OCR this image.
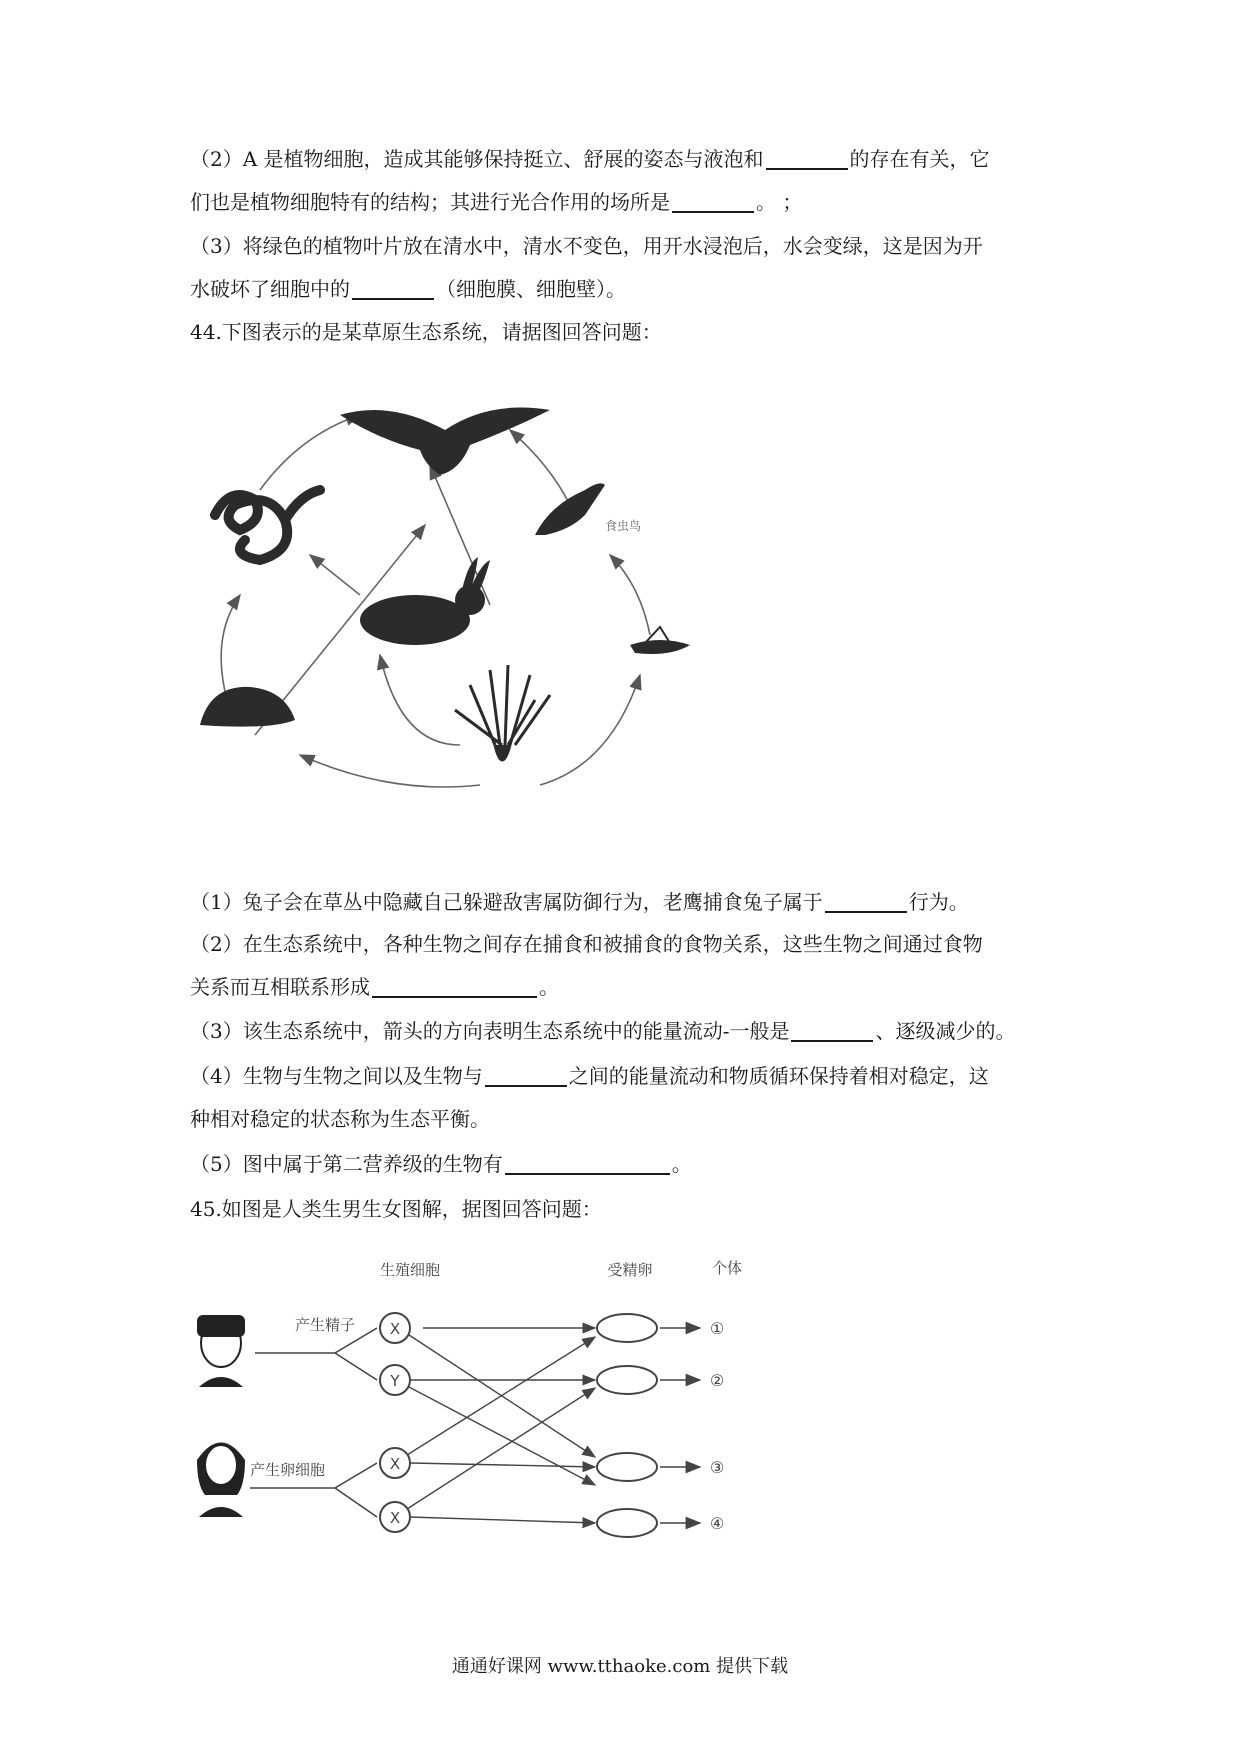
（2）A 是植物细胞，造成其能够保持挺立、舒展的姿态与液泡和	的存在有关，它
们也是植物细胞特有的结构；其进行光合作用的场所是	。 ；
（3）将绿色的植物叶片放在清水中，清水不变色，用开水浸泡后，水会变绿，这是因为开
水破坏了细胞中的	（细胞膜、细胞壁）。
44.下图表示的是某草原生态系统，请据图回答问题：
食虫鸟
（1）兔子会在草丛中隐藏自己躲避敌害属防御行为，老鹰捕食兔子属于	行为。
（2）在生态系统中，各种生物之间存在捕食和被捕食的食物关系，这些生物之间通过食物
关系而互相联系形成	。
（3）该生态系统中，箭头的方向表明生态系统中的能量流动-一般是	、逐级减少的。
（4）生物与生物之间以及生物与	之间的能量流动和物质循环保持着相对稳定，这
种相对稳定的状态称为生态平衡。
（5）图中属于第二营养级的生物有	。
45.如图是人类生男生女图解，据图回答问题：
生殖细胞	受精卵	个体
产生精子
产生卵细胞
X
Y
X
X
①
②
③
④
通通好课网 www.tthaoke.com 提供下载
